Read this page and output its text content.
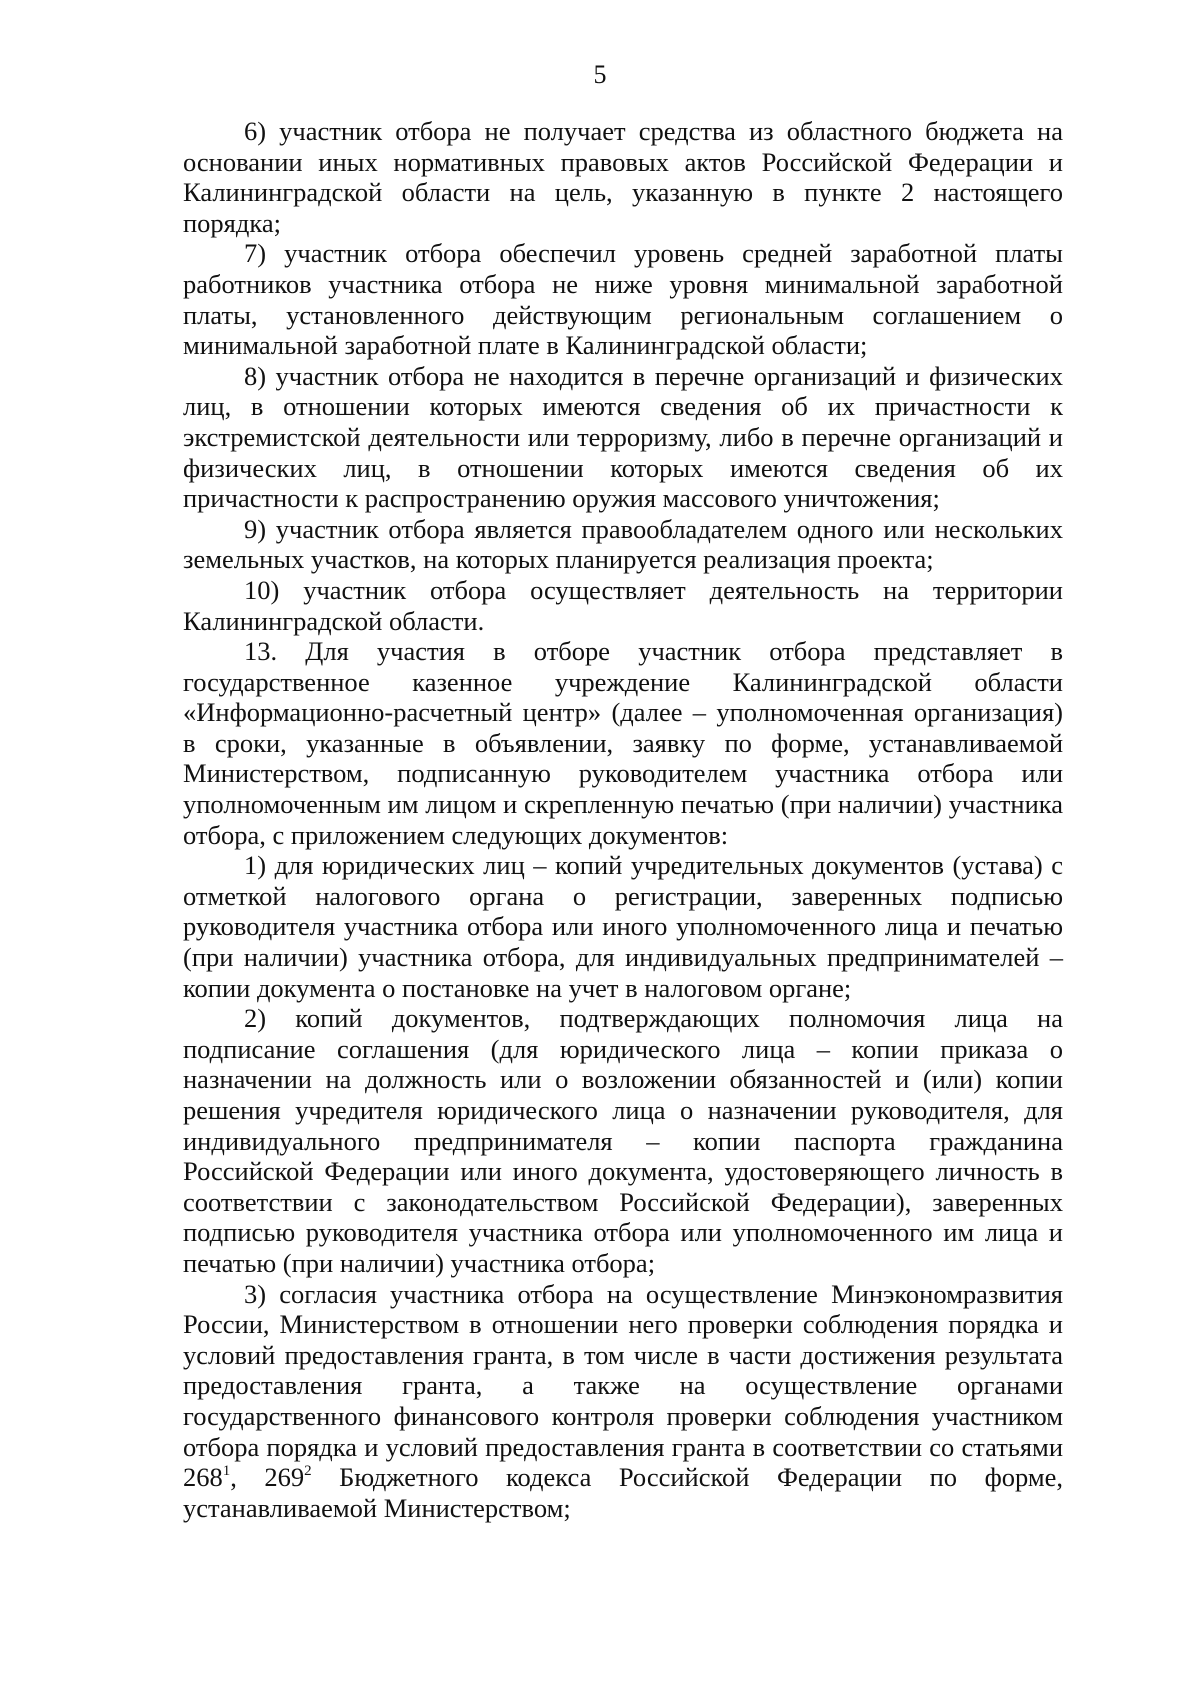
5

6) участник отбора не получает средства из областного бюджета на основании иных нормативных правовых актов Российской Федерации и Калининградской области на цель, указанную в пункте 2 настоящего порядка;

7) участник отбора обеспечил уровень средней заработной платы работников участника отбора не ниже уровня минимальной заработной платы, установленного действующим региональным соглашением о минимальной заработной плате в Калининградской области;

8) участник отбора не находится в перечне организаций и физических лиц, в отношении которых имеются сведения об их причастности к экстремистской деятельности или терроризму, либо в перечне организаций и физических лиц, в отношении которых имеются сведения об их причастности к распространению оружия массового уничтожения;

9) участник отбора является правообладателем одного или нескольких земельных участков, на которых планируется реализация проекта;

10) участник отбора осуществляет деятельность на территории Калининградской области.

13. Для участия в отборе участник отбора представляет в государственное казенное учреждение Калининградской области «Информационно-расчетный центр» (далее – уполномоченная организация) в сроки, указанные в объявлении, заявку по форме, устанавливаемой Министерством, подписанную руководителем участника отбора или уполномоченным им лицом и скрепленную печатью (при наличии) участника отбора, с приложением следующих документов:

1) для юридических лиц – копий учредительных документов (устава) с отметкой налогового органа о регистрации, заверенных подписью руководителя участника отбора или иного уполномоченного лица и печатью (при наличии) участника отбора, для индивидуальных предпринимателей – копии документа о постановке на учет в налоговом органе;

2) копий документов, подтверждающих полномочия лица на подписание соглашения (для юридического лица – копии приказа о назначении на должность или о возложении обязанностей и (или) копии решения учредителя юридического лица о назначении руководителя, для индивидуального предпринимателя – копии паспорта гражданина Российской Федерации или иного документа, удостоверяющего личность в соответствии с законодательством Российской Федерации), заверенных подписью руководителя участника отбора или уполномоченного им лица и печатью (при наличии) участника отбора;

3) согласия участника отбора на осуществление Минэкономразвития России, Министерством в отношении него проверки соблюдения порядка и условий предоставления гранта, в том числе в части достижения результата предоставления гранта, а также на осуществление органами государственного финансового контроля проверки соблюдения участником отбора порядка и условий предоставления гранта в соответствии со статьями $268^1$, $269^2$ Бюджетного кодекса Российской Федерации по форме, устанавливаемой Министерством;
